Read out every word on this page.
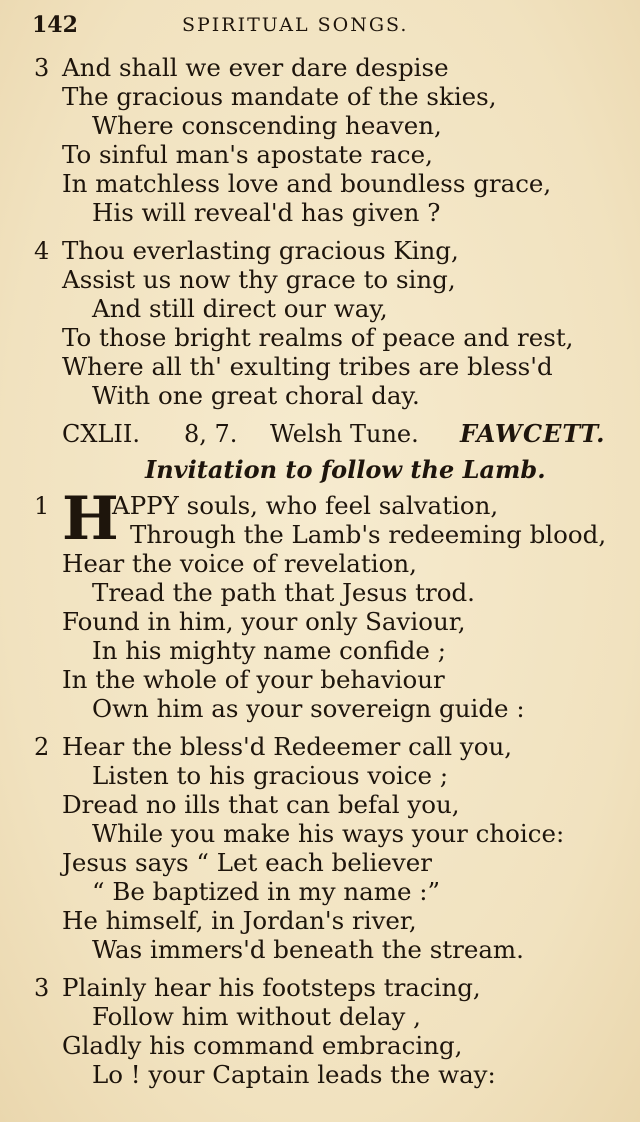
142	SPIRITUAL SONGS.
3 And shall we ever dare despise
The gracious mandate of the skies,
Where conscending heaven,
To sinful man's apostate race,
In matchless love and boundless grace,
His will reveal'd has given ?
4 Thou everlasting gracious King,
Assist us now thy grace to sing,
And still direct our way,
To those bright realms of peace and rest,
Where all th' exulting tribes are bless'd
With one great choral day.
CXLII. 8, 7. Welsh Tune. FAWCETT.
Invitation to follow the Lamb.
1 H
APPY souls, who feel salvation,
Through the Lamb's redeeming blood,
Hear the voice of revelation,
Tread the path that Jesus trod.
Found in him, your only Saviour,
In his mighty name confide ;
In the whole of your behaviour
Own him as your sovereign guide :
2 Hear the bless'd Redeemer call you,
Listen to his gracious voice ;
Dread no ills that can befal you,
While you make his ways your choice:
Jesus says “ Let each believer
“ Be baptized in my name :”
He himself, in Jordan's river,
Was immers'd beneath the stream.
3 Plainly hear his footsteps tracing,
Follow him without delay ,
Gladly his command embracing,
Lo ! your Captain leads the way:
